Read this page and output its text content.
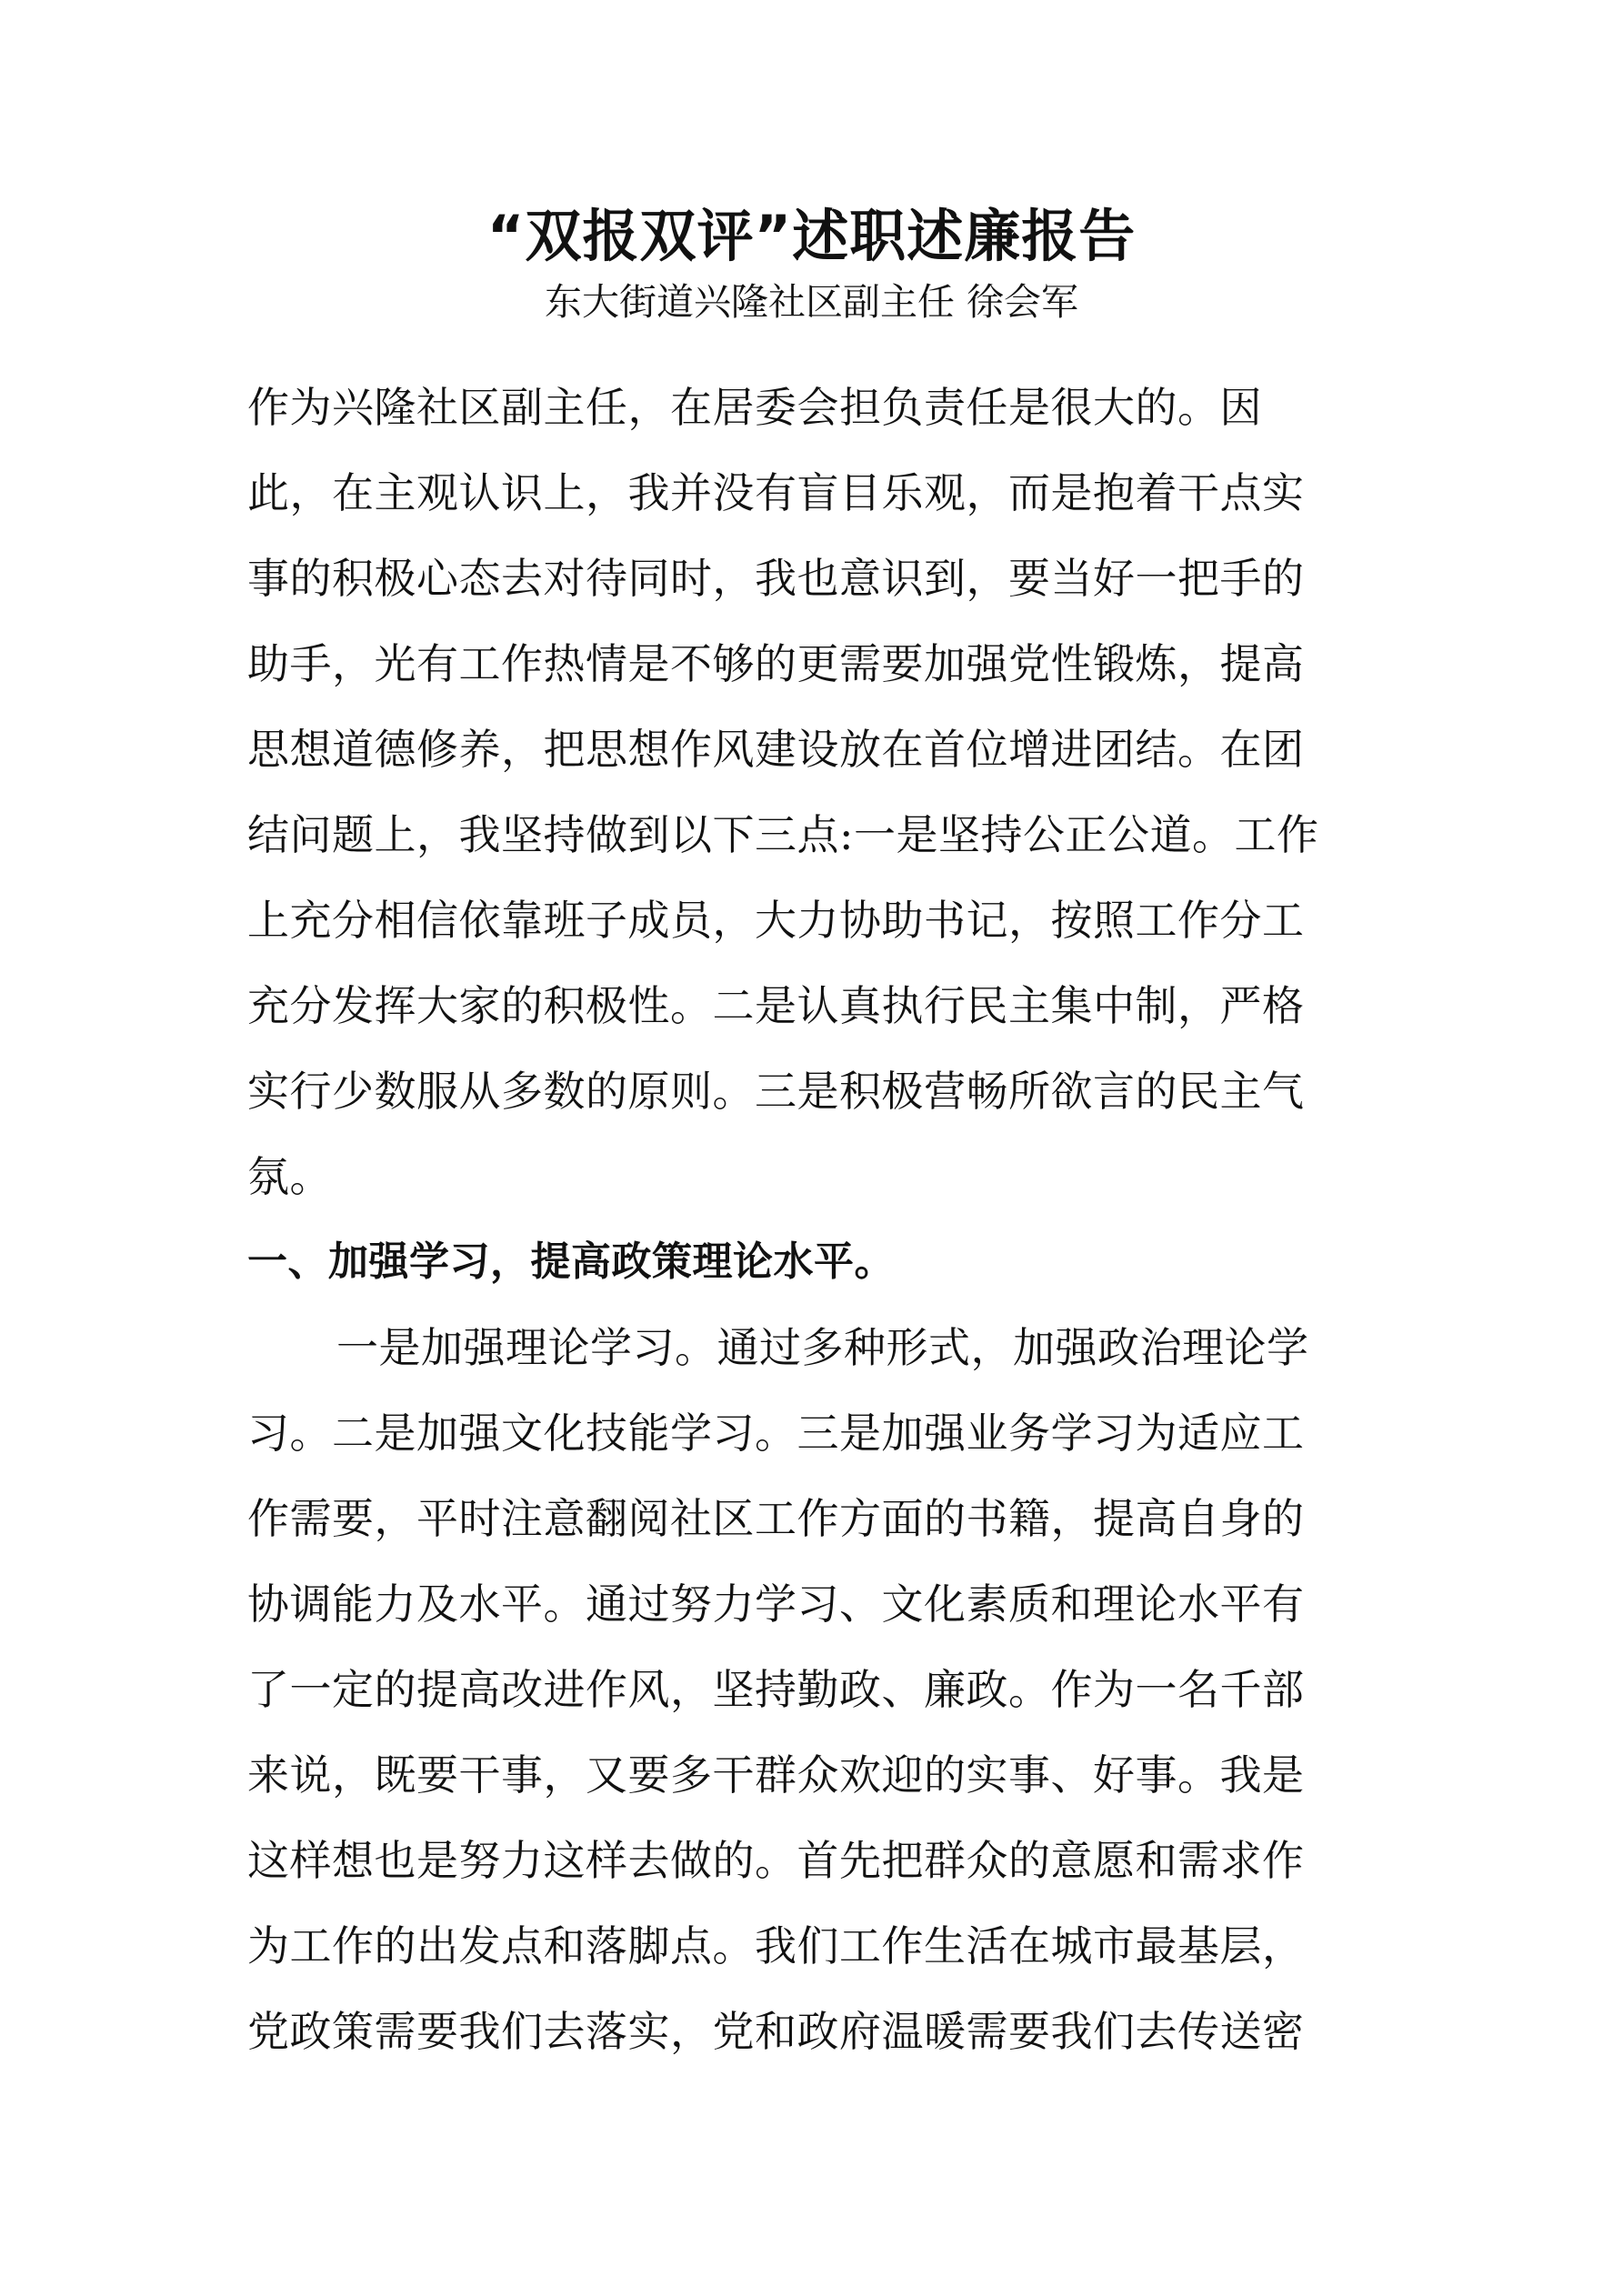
“双报双评”述职述廉报告
东大街道兴隆社区副主任 徐会军
作为兴隆社区副主任，在居委会担负责任是很大的。因
此，在主观认识上，我并没有盲目乐观，而是抱着干点实
事的积极心态去对待同时，我也意识到，要当好一把手的
助手，光有工作热情是不够的更需要加强党性锻炼，提高
思想道德修养，把思想作风建设放在首位增进团结。在团
结问题上，我坚持做到以下三点:一是坚持公正公道。工作
上充分相信依靠班子成员，大力协助书记，按照工作分工
充分发挥大家的积极性。二是认真执行民主集中制，严格
实行少数服从多数的原则。三是积极营畅所欲言的民主气
氛。
一、加强学习，提高政策理论水平。
一是加强理论学习。通过多种形式，加强政治理论学
习。二是加强文化技能学习。三是加强业务学习为适应工
作需要，平时注意翻阅社区工作方面的书籍，提高自身的
协调能力及水平。通过努力学习、文化素质和理论水平有
了一定的提高改进作风，坚持勤政、廉政。作为一名千部
来说，既要干事，又要多干群众欢迎的实事、好事。我是
这样想也是努力这样去做的。首先把群众的意愿和需求作
为工作的出发点和落脚点。我们工作生活在城市最基层，
党政策需要我们去落实，党和政府温暖需要我们去传送密
